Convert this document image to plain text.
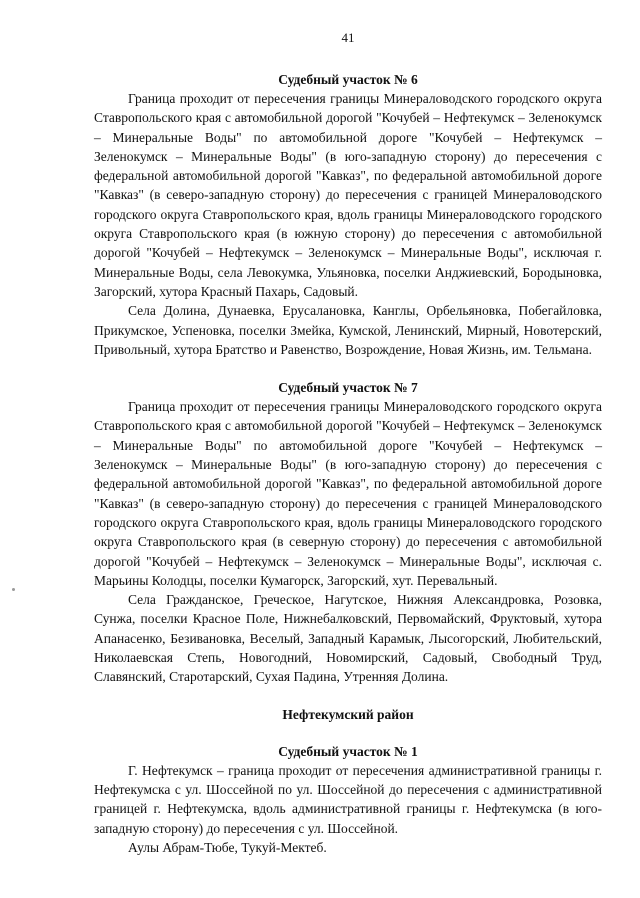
41
Судебный участок № 6

Граница проходит от пересечения границы Минераловодского городского округа Ставропольского края с автомобильной дорогой "Кочубей – Нефтекумск – Зеленокумск – Минеральные Воды" по автомобильной дороге "Кочубей – Нефтекумск – Зеленокумск – Минеральные Воды" (в юго-западную сторону) до пересечения с федеральной автомобильной дорогой "Кавказ", по федеральной автомобильной дороге "Кавказ" (в северо-западную сторону) до пересечения с границей Минераловодского городского округа Ставропольского края, вдоль границы Минераловодского городского округа Ставропольского края (в южную сторону) до пересечения с автомобильной дорогой "Кочубей – Нефтекумск – Зеленокумск – Минеральные Воды", исключая г. Минеральные Воды, села Левокумка, Ульяновка, поселки Анджиевский, Бородыновка, Загорский, хутора Красный Пахарь, Садовый.

Села Долина, Дунаевка, Ерусалановка, Канглы, Орбельяновка, Побегайловка, Прикумское, Успеновка, поселки Змейка, Кумской, Ленинский, Мирный, Новотерский, Привольный, хутора Братство и Равенство, Возрождение, Новая Жизнь, им. Тельмана.

Судебный участок № 7

Граница проходит от пересечения границы Минераловодского городского округа Ставропольского края с автомобильной дорогой "Кочубей – Нефтекумск – Зеленокумск – Минеральные Воды" по автомобильной дороге "Кочубей – Нефтекумск – Зеленокумск – Минеральные Воды" (в юго-западную сторону) до пересечения с федеральной автомобильной дорогой "Кавказ", по федеральной автомобильной дороге "Кавказ" (в северо-западную сторону) до пересечения с границей Минераловодского городского округа Ставропольского края, вдоль границы Минераловодского городского округа Ставропольского края (в северную сторону) до пересечения с автомобильной дорогой "Кочубей – Нефтекумск – Зеленокумск – Минеральные Воды", исключая с. Марьины Колодцы, поселки Кумагорск, Загорский, хут. Перевальный.

Села Гражданское, Греческое, Нагутское, Нижняя Александровка, Розовка, Сунжа, поселки Красное Поле, Нижнебалковский, Первомайский, Фруктовый, хутора Апанасенко, Безивановка, Веселый, Западный Карамык, Лысогорский, Любительский, Николаевская Степь, Новогодний, Новомирский, Садовый, Свободный Труд, Славянский, Старотарский, Сухая Падина, Утренняя Долина.

Нефтекумский район
Судебный участок № 1

Г. Нефтекумск – граница проходит от пересечения административной границы г. Нефтекумска с ул. Шоссейной по ул. Шоссейной до пересечения с административной границей г. Нефтекумска, вдоль административной границы г. Нефтекумска (в юго-западную сторону) до пересечения с ул. Шоссейной.

Аулы Абрам-Тюбе, Тукуй-Мектеб.
